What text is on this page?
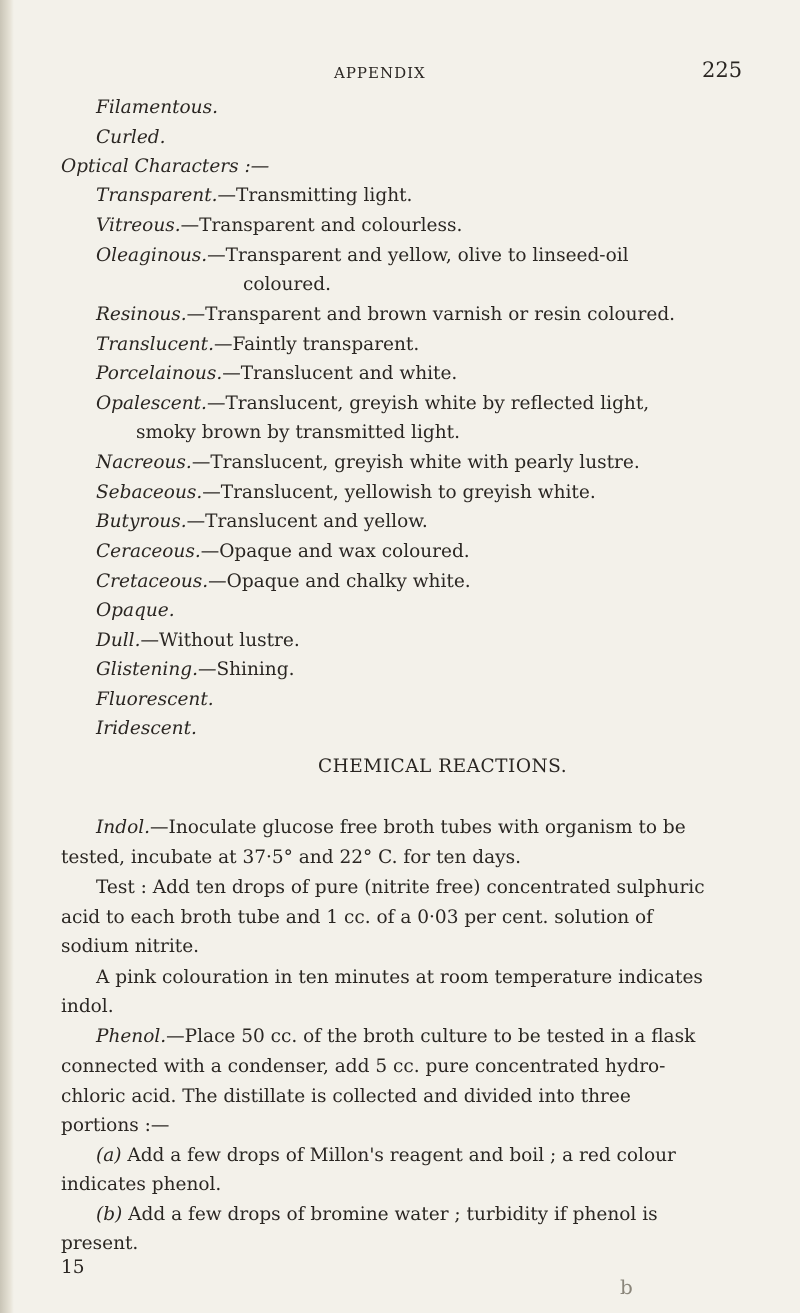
APPENDIX	225
Filamentous.
Curled.
Optical Characters :—
Transparent.—Transmitting light.
Vitreous.—Transparent and colourless.
Oleaginous.—Transparent and yellow, olive to linseed-oil
coloured.
Resinous.—Transparent and brown varnish or resin coloured.
Translucent.—Faintly transparent.
Porcelainous.—Translucent and white.
Opalescent.—Translucent, greyish white by reflected light,
smoky brown by transmitted light.
Nacreous.—Translucent, greyish white with pearly lustre.
Sebaceous.—Translucent, yellowish to greyish white.
Butyrous.—Translucent and yellow.
Ceraceous.—Opaque and wax coloured.
Cretaceous.—Opaque and chalky white.
Opaque.
Dull.—Without lustre.
Glistening.—Shining.
Fluorescent.
Iridescent.
CHEMICAL REACTIONS.
Indol.—Inoculate glucose free broth tubes with organism to be
tested, incubate at 37·5° and 22° C. for ten days.
Test : Add ten drops of pure (nitrite free) concentrated sulphuric
acid to each broth tube and 1 cc. of a 0·03 per cent. solution of
sodium nitrite.
A pink colouration in ten minutes at room temperature indicates
indol.
Phenol.—Place 50 cc. of the broth culture to be tested in a flask
connected with a condenser, add 5 cc. pure concentrated hydro-
chloric acid. The distillate is collected and divided into three
portions :—
(a) Add a few drops of Millon's reagent and boil ; a red colour
indicates phenol.
(b) Add a few drops of bromine water ; turbidity if phenol is
present.
15
b
